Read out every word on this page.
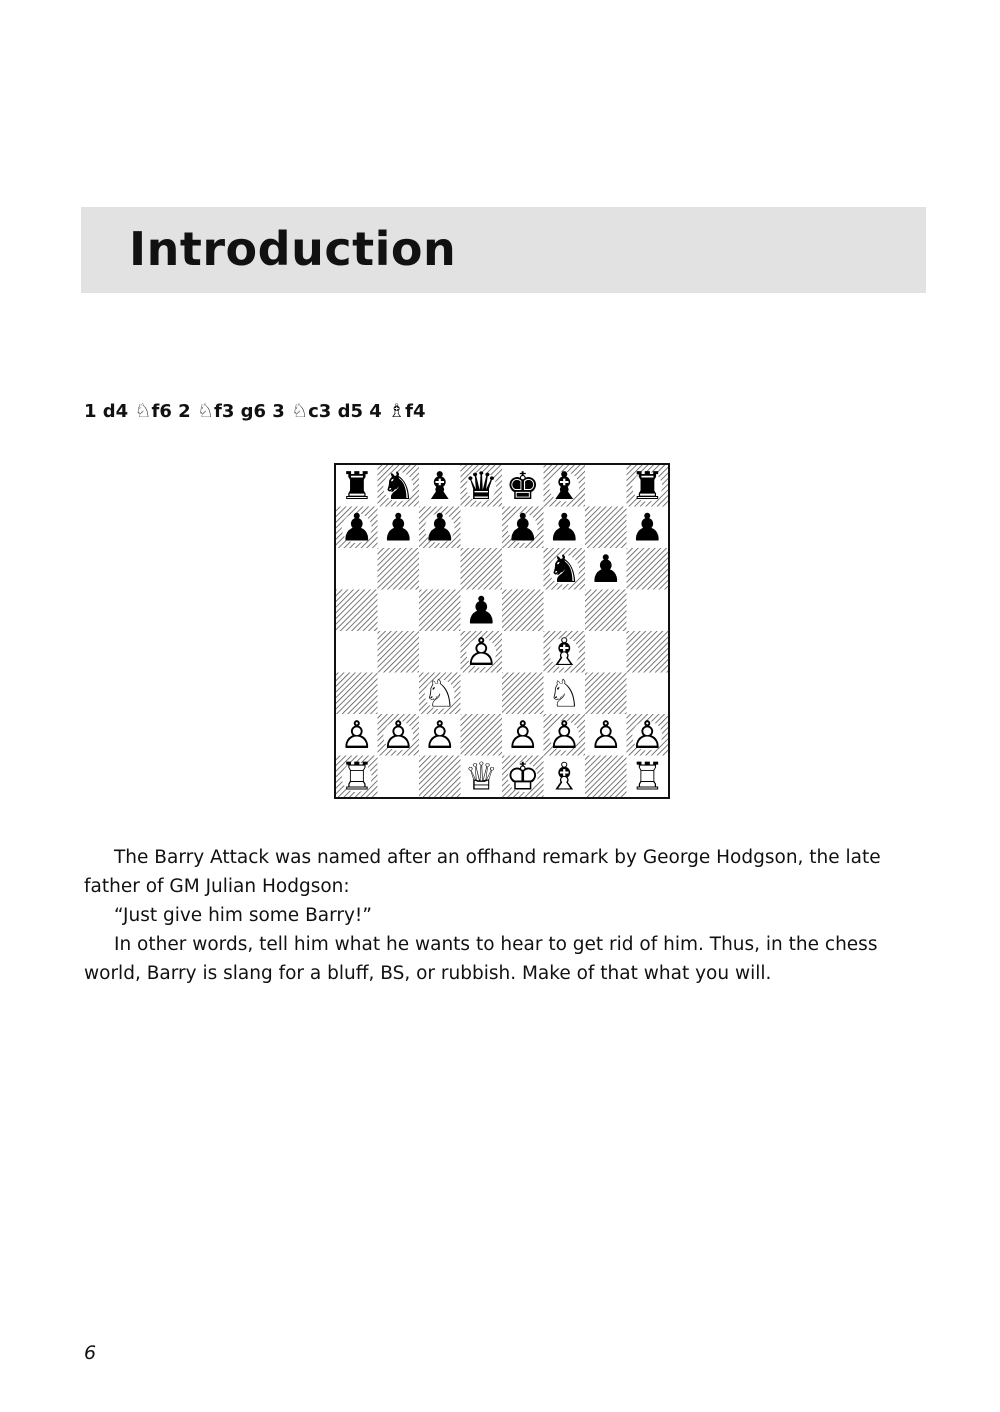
Introduction

1 d4 ♘f6 2 ♘f3 g6 3 ♘c3 d5 4 ♗f4

♜ ♞ ♝ ♛ ♚ ♝ ♜
♟ ♟ ♟ ♟ ♟ ♟
♞ ♟
♟
♙ ♗
♘ ♘
♙ ♙ ♙ ♙ ♙ ♙ ♙
♖ ♕ ♔ ♗ ♖

The Barry Attack was named after an offhand remark by George Hodgson, the late father of GM Julian Hodgson:

“Just give him some Barry!”

In other words, tell him what he wants to hear to get rid of him. Thus, in the chess world, Barry is slang for a bluff, BS, or rubbish. Make of that what you will.

6
